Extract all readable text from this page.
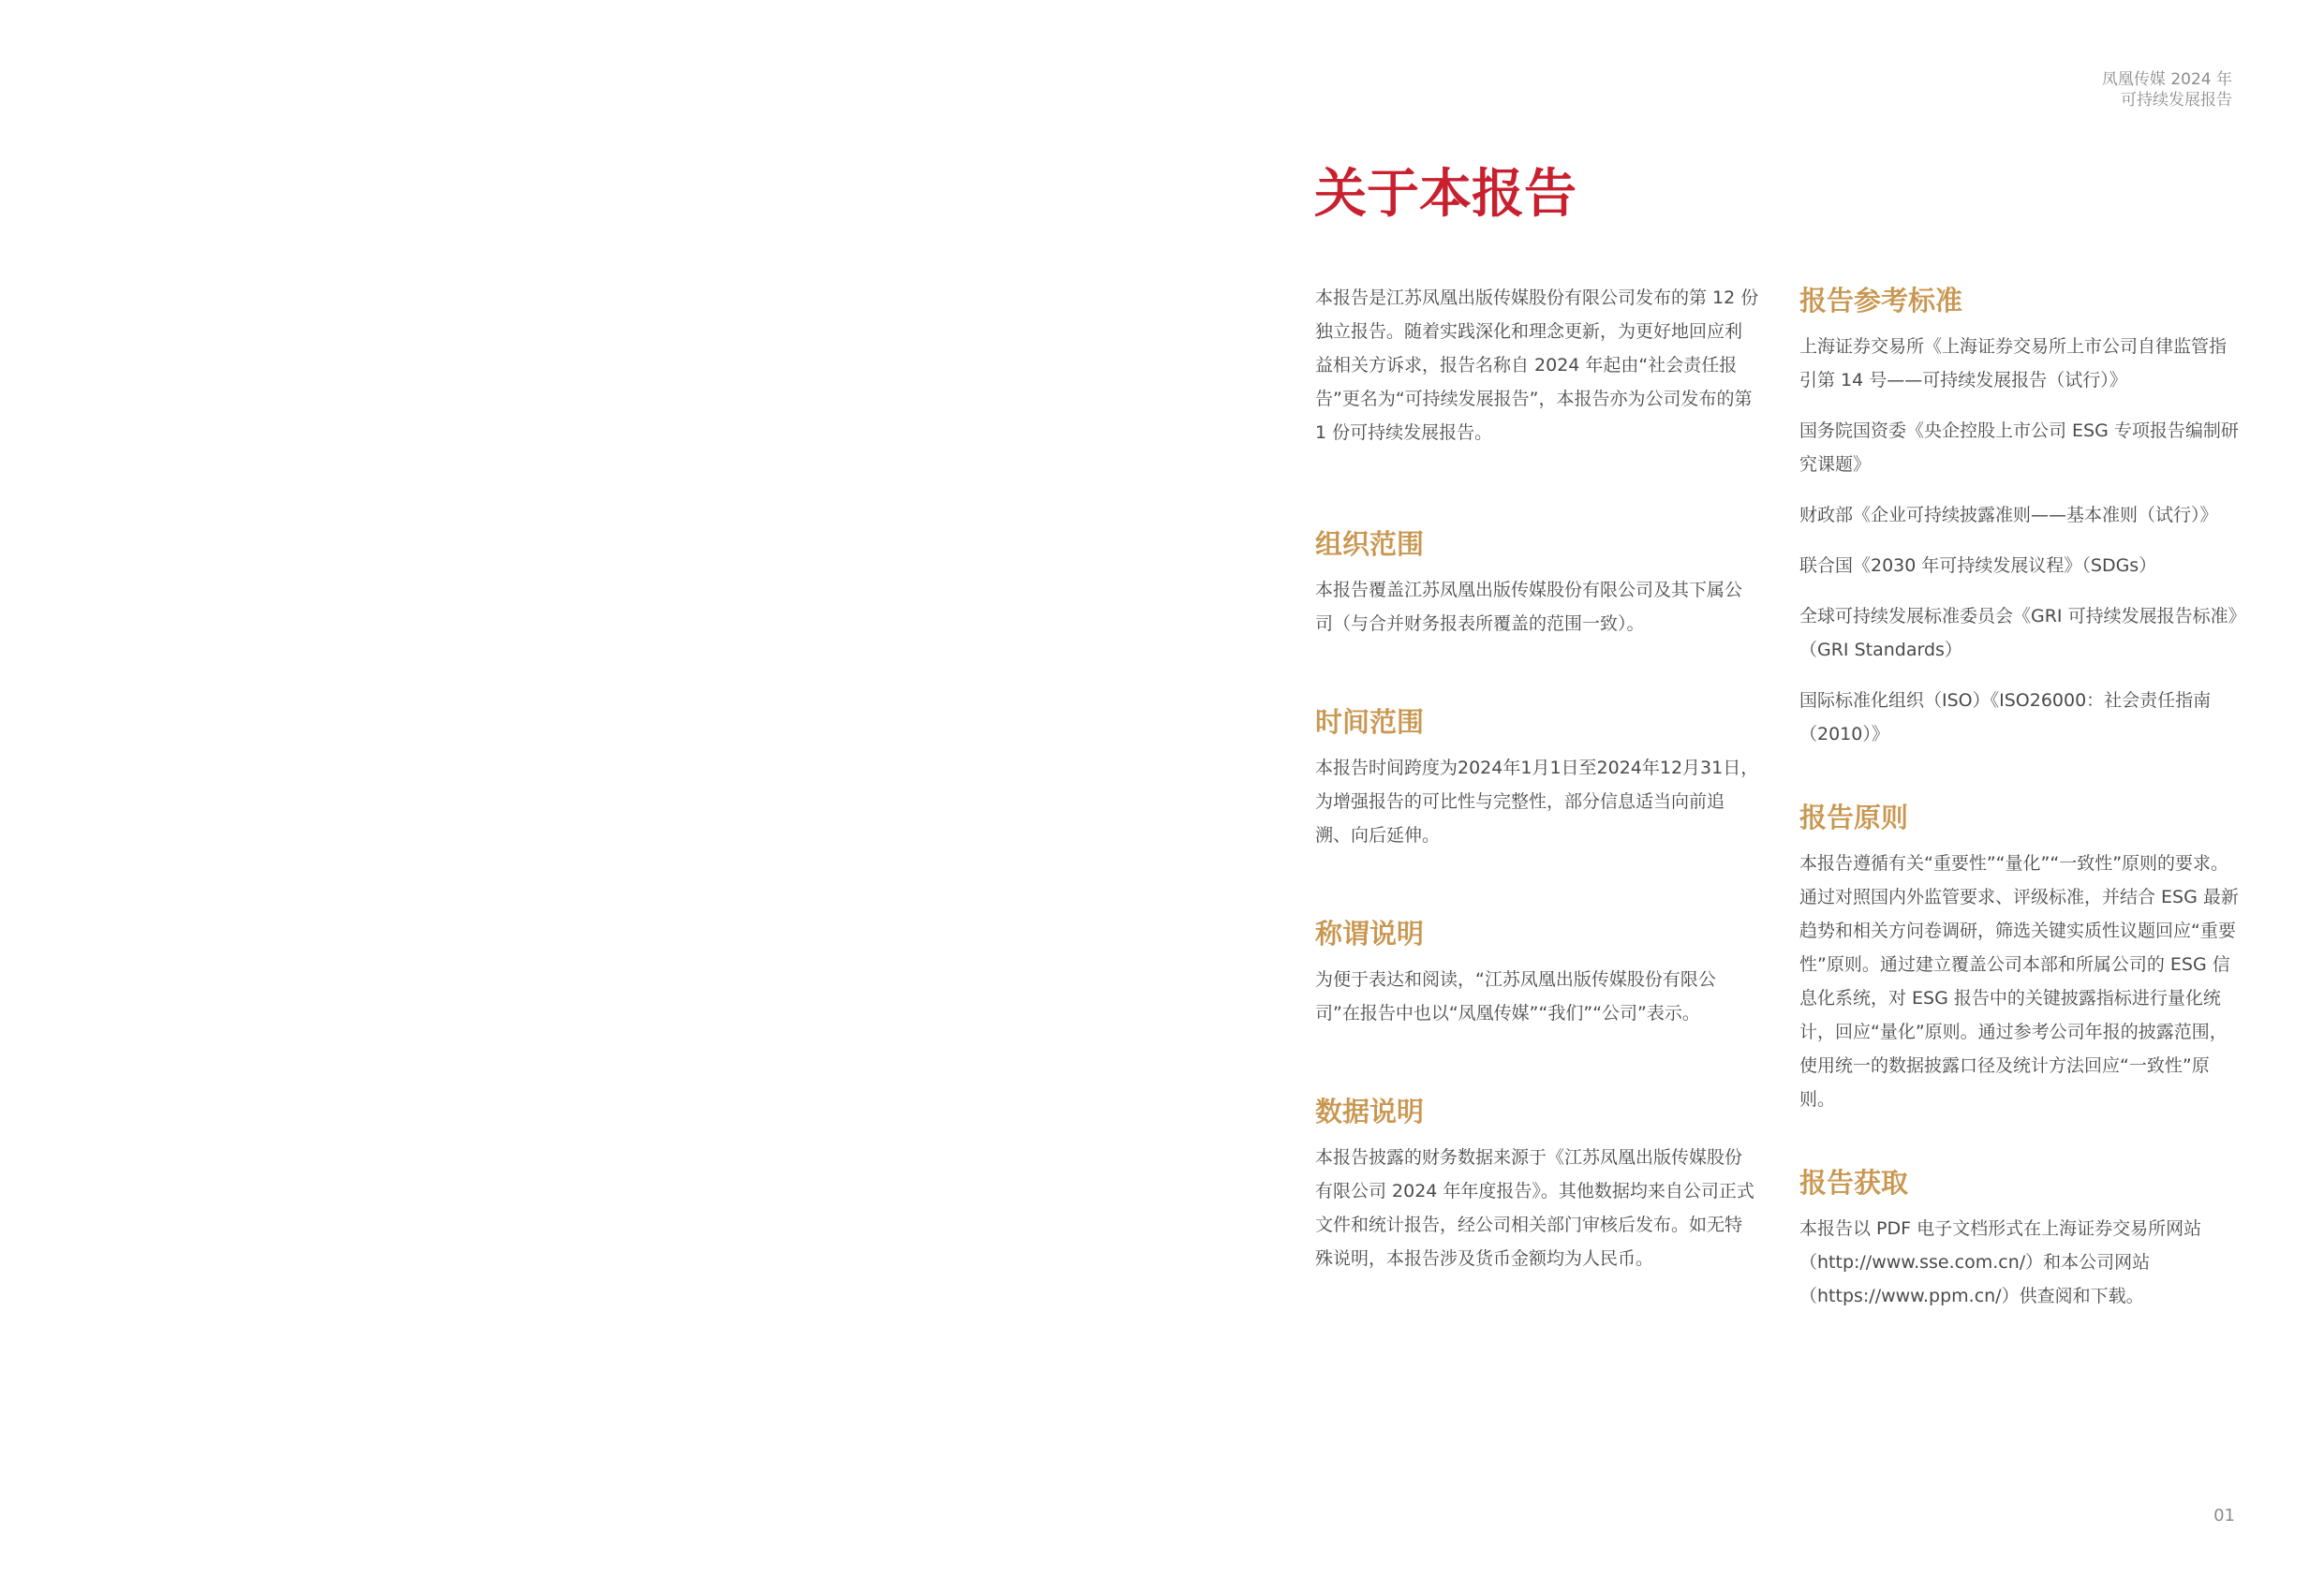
凤凰传媒 2024 年
可持续发展报告
关于本报告

本报告是江苏凤凰出版传媒股份有限公司发布的第 12 份独立报告。随着实践深化和理念更新，为更好地回应利益相关方诉求，报告名称自 2024 年起由“社会责任报告”更名为“可持续发展报告”，本报告亦为公司发布的第 1 份可持续发展报告。

组织范围

本报告覆盖江苏凤凰出版传媒股份有限公司及其下属公司（与合并财务报表所覆盖的范围一致）。

时间范围

本报告时间跨度为2024年1月1日至2024年12月31日，为增强报告的可比性与完整性，部分信息适当向前追溯、向后延伸。

称谓说明

为便于表达和阅读，“江苏凤凰出版传媒股份有限公司”在报告中也以“凤凰传媒”“我们”“公司”表示。

数据说明

本报告披露的财务数据来源于《江苏凤凰出版传媒股份有限公司 2024 年年度报告》。其他数据均来自公司正式文件和统计报告，经公司相关部门审核后发布。如无特殊说明，本报告涉及货币金额均为人民币。

报告参考标准
上海证券交易所《上海证券交易所上市公司自律监管指引第 14 号——可持续发展报告（试行）》
国务院国资委《央企控股上市公司 ESG 专项报告编制研究课题》
财政部《企业可持续披露准则——基本准则（试行）》
联合国《2030 年可持续发展议程》（SDGs）
全球可持续发展标准委员会《GRI 可持续发展报告标准》（GRI Standards）
国际标准化组织（ISO）《ISO26000：社会责任指南（2010）》
报告原则

本报告遵循有关“重要性”“量化”“一致性”原则的要求。通过对照国内外监管要求、评级标准，并结合 ESG 最新趋势和相关方问卷调研，筛选关键实质性议题回应“重要性”原则。通过建立覆盖公司本部和所属公司的 ESG 信息化系统，对 ESG 报告中的关键披露指标进行量化统计，回应“量化”原则。通过参考公司年报的披露范围，使用统一的数据披露口径及统计方法回应“一致性”原则。

报告获取

本报告以 PDF 电子文档形式在上海证券交易所网站（http://www.sse.com.cn/）和本公司网站（https://www.ppm.cn/）供查阅和下载。

01
